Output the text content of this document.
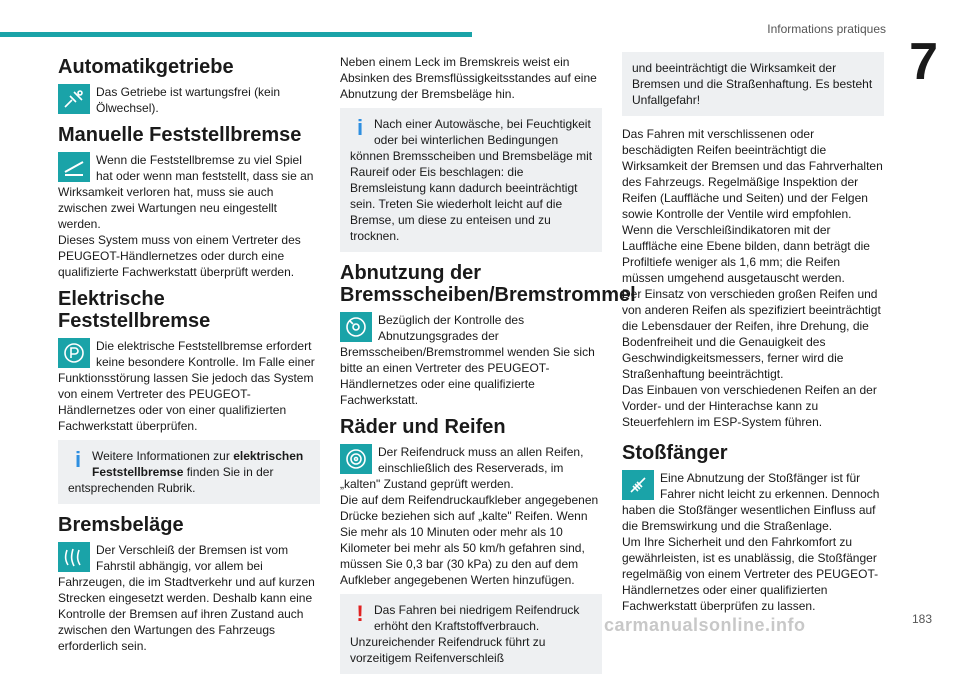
Informations pratiques
7
Automatikgetriebe

Das Getriebe ist wartungsfrei (kein Ölwechsel).

Manuelle Feststellbremse

Wenn die Feststellbremse zu viel Spiel hat oder wenn man feststellt, dass sie an Wirksamkeit verloren hat, muss sie auch zwischen zwei Wartungen neu eingestellt werden.

Dieses System muss von einem Vertreter des PEUGEOT-Händlernetzes oder durch eine qualifizierte Fachwerkstatt überprüft werden.

Elektrische Feststellbremse

Die elektrische Feststellbremse erfordert keine besondere Kontrolle. Im Falle einer Funktionsstörung lassen Sie jedoch das System von einem Vertreter des PEUGEOT-Händlernetzes oder von einer qualifizierten Fachwerkstatt überprüfen.

i Weitere Informationen zur elektrischen Feststellbremse finden Sie in der entsprechenden Rubrik.

Bremsbeläge

Der Verschleiß der Bremsen ist vom Fahrstil abhängig, vor allem bei Fahrzeugen, die im Stadtverkehr und auf kurzen Strecken eingesetzt werden. Deshalb kann eine Kontrolle der Bremsen auf ihren Zustand auch zwischen den Wartungen des Fahrzeugs erforderlich sein.

Neben einem Leck im Bremskreis weist ein Absinken des Bremsflüssigkeitsstandes auf eine Abnutzung der Bremsbeläge hin.

i Nach einer Autowäsche, bei Feuchtigkeit oder bei winterlichen Bedingungen können Bremsscheiben und Bremsbeläge mit Raureif oder Eis beschlagen: die Bremsleistung kann dadurch beeinträchtigt sein. Treten Sie wiederholt leicht auf die Bremse, um diese zu enteisen und zu trocknen.

Abnutzung der Bremsscheiben/Bremstrommel

Bezüglich der Kontrolle des Abnutzungsgrades der Bremsscheiben/Bremstrommel wenden Sie sich bitte an einen Vertreter des PEUGEOT-Händlernetzes oder eine qualifizierte Fachwerkstatt.

Räder und Reifen

Der Reifendruck muss an allen Reifen, einschließlich des Reserverads, im „kalten" Zustand geprüft werden.

Die auf dem Reifendruckaufkleber angegebenen Drücke beziehen sich auf „kalte" Reifen. Wenn Sie mehr als 10 Minuten oder mehr als 10 Kilometer bei mehr als 50 km/h gefahren sind, müssen Sie 0,3 bar (30 kPa) zu den auf dem Aufkleber angegebenen Werten hinzufügen.

! Das Fahren bei niedrigem Reifendruck erhöht den Kraftstoffverbrauch. Unzureichender Reifendruck führt zu vorzeitigem Reifenverschleiß

und beeinträchtigt die Wirksamkeit der Bremsen und die Straßenhaftung. Es besteht Unfallgefahr!

Das Fahren mit verschlissenen oder beschädigten Reifen beeinträchtigt die Wirksamkeit der Bremsen und das Fahrverhalten des Fahrzeugs. Regelmäßige Inspektion der Reifen (Lauffläche und Seiten) und der Felgen sowie Kontrolle der Ventile wird empfohlen.

Wenn die Verschleißindikatoren mit der Lauffläche eine Ebene bilden, dann beträgt die Profiltiefe weniger als 1,6 mm; die Reifen müssen umgehend ausgetauscht werden.

Der Einsatz von verschieden großen Reifen und von anderen Reifen als spezifiziert beeinträchtigt die Lebensdauer der Reifen, ihre Drehung, die Bodenfreiheit und die Genauigkeit des Geschwindigkeitsmessers, ferner wird die Straßenhaftung beeinträchtigt.

Das Einbauen von verschiedenen Reifen an der Vorder- und der Hinterachse kann zu Steuerfehlern im ESP-System führen.

Stoßfänger

Eine Abnutzung der Stoßfänger ist für Fahrer nicht leicht zu erkennen. Dennoch haben die Stoßfänger wesentlichen Einfluss auf die Bremswirkung und die Straßenlage.

Um Ihre Sicherheit und den Fahrkomfort zu gewährleisten, ist es unablässig, die Stoßfänger regelmäßig von einem Vertreter des PEUGEOT-Händlernetzes oder einer qualifizierten Fachwerkstatt überprüfen zu lassen.

carmanualsonline.info	183
